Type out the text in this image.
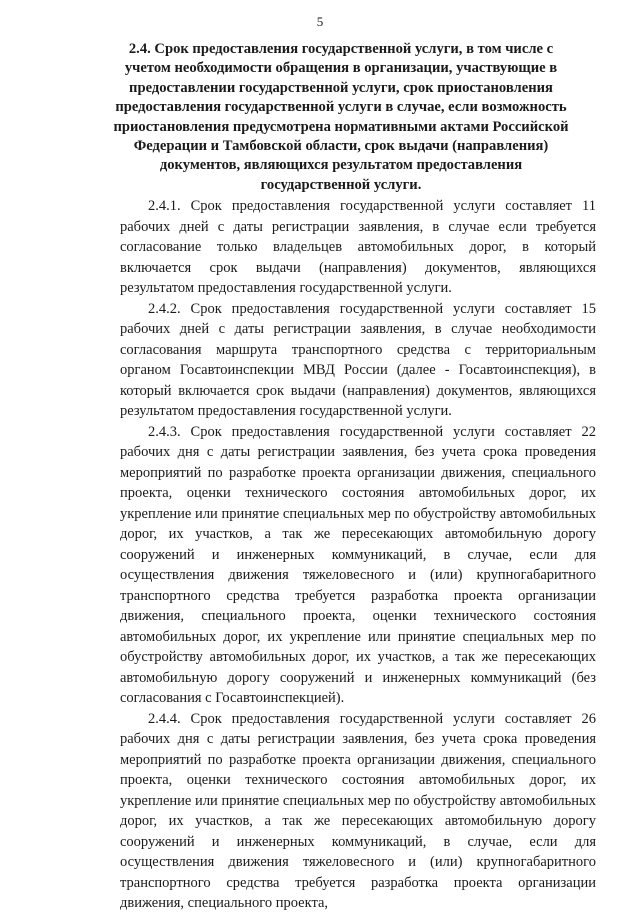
5
2.4. Срок предоставления государственной услуги, в том числе с учетом необходимости обращения в организации, участвующие в предоставлении государственной услуги, срок приостановления предоставления государственной услуги в случае, если возможность приостановления предусмотрена нормативными актами Российской Федерации и Тамбовской области, срок выдачи (направления) документов, являющихся результатом предоставления государственной услуги.

2.4.1. Срок предоставления государственной услуги составляет 11 рабочих дней с даты регистрации заявления, в случае если требуется согласование только владельцев автомобильных дорог, в который включается срок выдачи (направления) документов, являющихся результатом предоставления государственной услуги.

2.4.2. Срок предоставления государственной услуги составляет 15 рабочих дней с даты регистрации заявления, в случае необходимости согласования маршрута транспортного средства с территориальным органом Госавтоинспекции МВД России (далее - Госавтоинспекция), в который включается срок выдачи (направления) документов, являющихся результатом предоставления государственной услуги.

2.4.3. Срок предоставления государственной услуги составляет 22 рабочих дня с даты регистрации заявления, без учета срока проведения мероприятий по разработке проекта организации движения, специального проекта, оценки технического состояния автомобильных дорог, их укрепление или принятие специальных мер по обустройству автомобильных дорог, их участков, а так же пересекающих автомобильную дорогу сооружений и инженерных коммуникаций, в случае, если для осуществления движения тяжеловесного и (или) крупногабаритного транспортного средства требуется разработка проекта организации движения, специального проекта, оценки технического состояния автомобильных дорог, их укрепление или принятие специальных мер по обустройству автомобильных дорог, их участков, а так же пересекающих автомобильную дорогу сооружений и инженерных коммуникаций (без согласования с Госавтоинспекцией).

2.4.4. Срок предоставления государственной услуги составляет 26 рабочих дня с даты регистрации заявления, без учета срока проведения мероприятий по разработке проекта организации движения, специального проекта, оценки технического состояния автомобильных дорог, их укрепление или принятие специальных мер по обустройству автомобильных дорог, их участков, а так же пересекающих автомобильную дорогу сооружений и инженерных коммуникаций, в случае, если для осуществления движения тяжеловесного и (или) крупногабаритного транспортного средства требуется разработка проекта организации движения, специального проекта,
